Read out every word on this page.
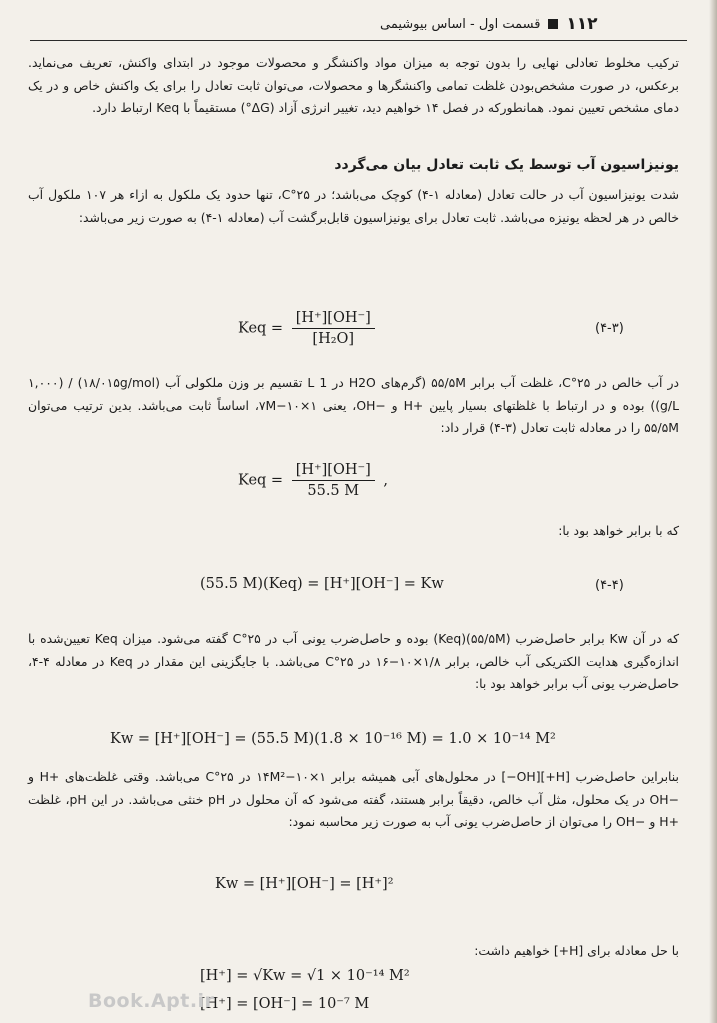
۱۱۲
قسمت اول - اساس بیوشیمی
ترکیب مخلوط تعادلی نهایی را بدون توجه به میزان مواد واکنشگر و محصولات موجود در ابتدای واکنش، تعریف می‌نماید. برعکس، در صورت مشخص‌بودن غلظت تمامی واکنشگرها و محصولات، می‌توان ثابت تعادل را برای یک واکنش خاص و در یک دمای مشخص تعیین نمود. همانطورکه در فصل ۱۴ خواهیم دید، تغییر انرژی آزاد (ΔG°) مستقیماً با Keq ارتباط دارد.
یونیزاسیون آب توسط یک ثابت تعادل بیان می‌گردد
شدت یونیزاسیون آب در حالت تعادل (معادله ۱-۴) کوچک می‌باشد؛ در ۲۵°C، تنها حدود یک ملکول به ازاء هر ۱۰۷ ملکول آب خالص در هر لحظه یونیزه می‌باشد. ثابت تعادل برای یونیزاسیون قابل‌برگشت آب (معادله ۱-۴) به صورت زیر می‌باشد:
Keq = $\frac{[H^+][OH^-]}{\text{[H₂O]}}$	(۴-۳)
در آب خالص در ۲۵°C، غلظت آب برابر ۵۵/۵M (گرم‌های H2O در 1 L تقسیم بر وزن ملکولی آب (۱۸/۰۱۵g/mol) / (۱,۰۰۰ g/L)) بوده و در ارتباط با غلظتهای بسیار پایین +H و −OH، یعنی ۱×۱۰−۷M، اساساً ثابت می‌باشد. بدین ترتیب می‌توان ۵۵/۵M را در معادله ثابت تعادل (۳-۴) قرار داد:
Keq = $\frac{[H^+][OH^-]}{55.5 M}$ ,
که با برابر خواهد بود با:
(55.5 M)(Keq) = [H⁺][OH⁻] = Kw	(۴-۴)
که در آن Kw برابر حاصل‌ضرب (۵۵/۵M)(Keq) بوده و حاصل‌ضرب یونی آب در ۲۵°C گفته می‌شود. میزان Keq تعیین‌شده با اندازه‌گیری هدایت الکتریکی آب خالص، برابر ۱/۸×۱۰−۱۶ در ۲۵°C می‌باشد. با جایگزینی این مقدار در Keq در معادله ۴-۴، حاصل‌ضرب یونی آب برابر خواهد بود با:
Kw = [H⁺][OH⁻] = (55.5 M)(1.8 × 10⁻¹⁶ M) = 1.0 × 10⁻¹⁴ M²
بنابراین حاصل‌ضرب [H+][OH−] در محلول‌های آبی همیشه برابر ۱×۱۰−۱۴M² در ۲۵°C می‌باشد. وقتی غلظت‌های +H و −OH در یک محلول، مثل آب خالص، دقیقاً برابر هستند، گفته می‌شود که آن محلول در pH خنثی می‌باشد. در این pH، غلظت +H و −OH را می‌توان از حاصل‌ضرب یونی آب به صورت زیر محاسبه نمود:
Kw = [H⁺][OH⁻] = [H⁺]²
با حل معادله برای [H+] خواهیم داشت:
[H⁺] = √Kw = √1 × 10⁻¹⁴ M²
[H⁺] = [OH⁻] = 10⁻⁷ M
Book.Apt.ir
